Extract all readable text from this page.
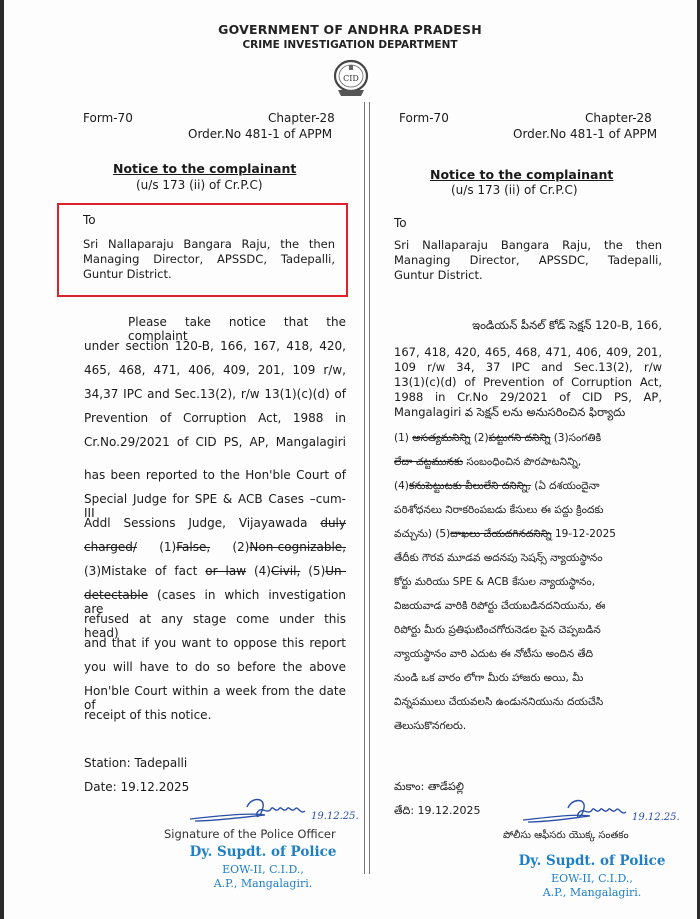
GOVERNMENT OF ANDHRA PRADESH
CRIME INVESTIGATION DEPARTMENT
CID
Form-70	Chapter-28
Order.No 481-1 of APPM
Notice to the complainant
(u/s 173 (ii) of Cr.P.C)
To
Sri Nallaparaju Bangara Raju, the then
Managing Director, APSSDC, Tadepalli,
Guntur District.
Please take notice that the complaint
under section 120-B, 166, 167, 418, 420,
465, 468, 471, 406, 409, 201, 109 r/w,
34,37 IPC and Sec.13(2), r/w 13(1)(c)(d) of
Prevention of Corruption Act, 1988 in
Cr.No.29/2021 of CID PS, AP, Mangalagiri
has been reported to the Hon'ble Court of
Special Judge for SPE & ACB Cases –cum- III
Addl Sessions Judge, Vijayawada duly
charged/ (1)False, (2)Non-cognizable,
(3)Mistake of fact or law (4)Civil, (5)Un-
detectable (cases in which investigation are
refused at any stage come under this head)
and that if you want to oppose this report
you will have to do so before the above
Hon'ble Court within a week from the date of
receipt of this notice.
Station: Tadepalli
Date: 19.12.2025
19.12.25.
Signature of the Police Officer
Dy. Supdt. of Police
EOW-II, C.I.D.,
A.P., Mangalagiri.
Form-70	Chapter-28
Order.No 481-1 of APPM
Notice to the complainant
(u/s 173 (ii) of Cr.P.C)
To
Sri Nallaparaju Bangara Raju, the then
Managing Director, APSSDC, Tadepalli,
Guntur District.
ఇండియన్ పీనల్ కోడ్ సెక్షన్ 120-B, 166,
167, 418, 420, 465, 468, 471, 406, 409, 201,
109 r/w 34, 37 IPC and Sec.13(2), r/w
13(1)(c)(d) of Prevention of Corruption Act,
1988 in Cr.No 29/2021 of CID PS, AP,
Mangalagiri వ సెక్షన్ లను అనుసరించిన ఫిర్యాదు
(1) అసత్యమనిన్ని (2)పట్టుగని దనిన్ని (3)సంగతికి
లేదా చట్టమునకు సంబంధించిన పొరపాటనిన్ని,
(4)కనుపెట్టుటకు వీలులేని దనిన్ని, (ఏ దశయందైనా
పరిశోధనలు నిరాకరింపబడు కేసులు ఈ పద్దు క్రిందకు
వచ్చును) (5)దాఖలు చేయదగినదనిన్ని 19-12-2025
తేదీకు గౌరవ మూడవ అదనపు సెషన్స్ న్యాయస్థానం
కోర్టు మరియు SPE & ACB కేసుల న్యాయస్థానం,
విజయవాడ వారికి రిపోర్టు చేయబడినదనియును, ఈ
రిపోర్టు మీరు ప్రతిఘటించగోరునెడల పైన చెప్పబడిన
న్యాయస్థానం వారి ఎదుట ఈ నోటీసు అందిన తేది
నుండి ఒక వారం లోగా మీరు హాజరు అయి, మీ
విన్నపములు చేయవలసి ఉండుననియును దయచేసి
తెలుసుకొనగలరు.
మకాం: తాడేపల్లి
తేది: 19.12.2025
19.12.25.
పోలీసు ఆఫీసరు యొక్క సంతకం
Dy. Supdt. of Police
EOW-II, C.I.D.,
A.P., Mangalagiri.
